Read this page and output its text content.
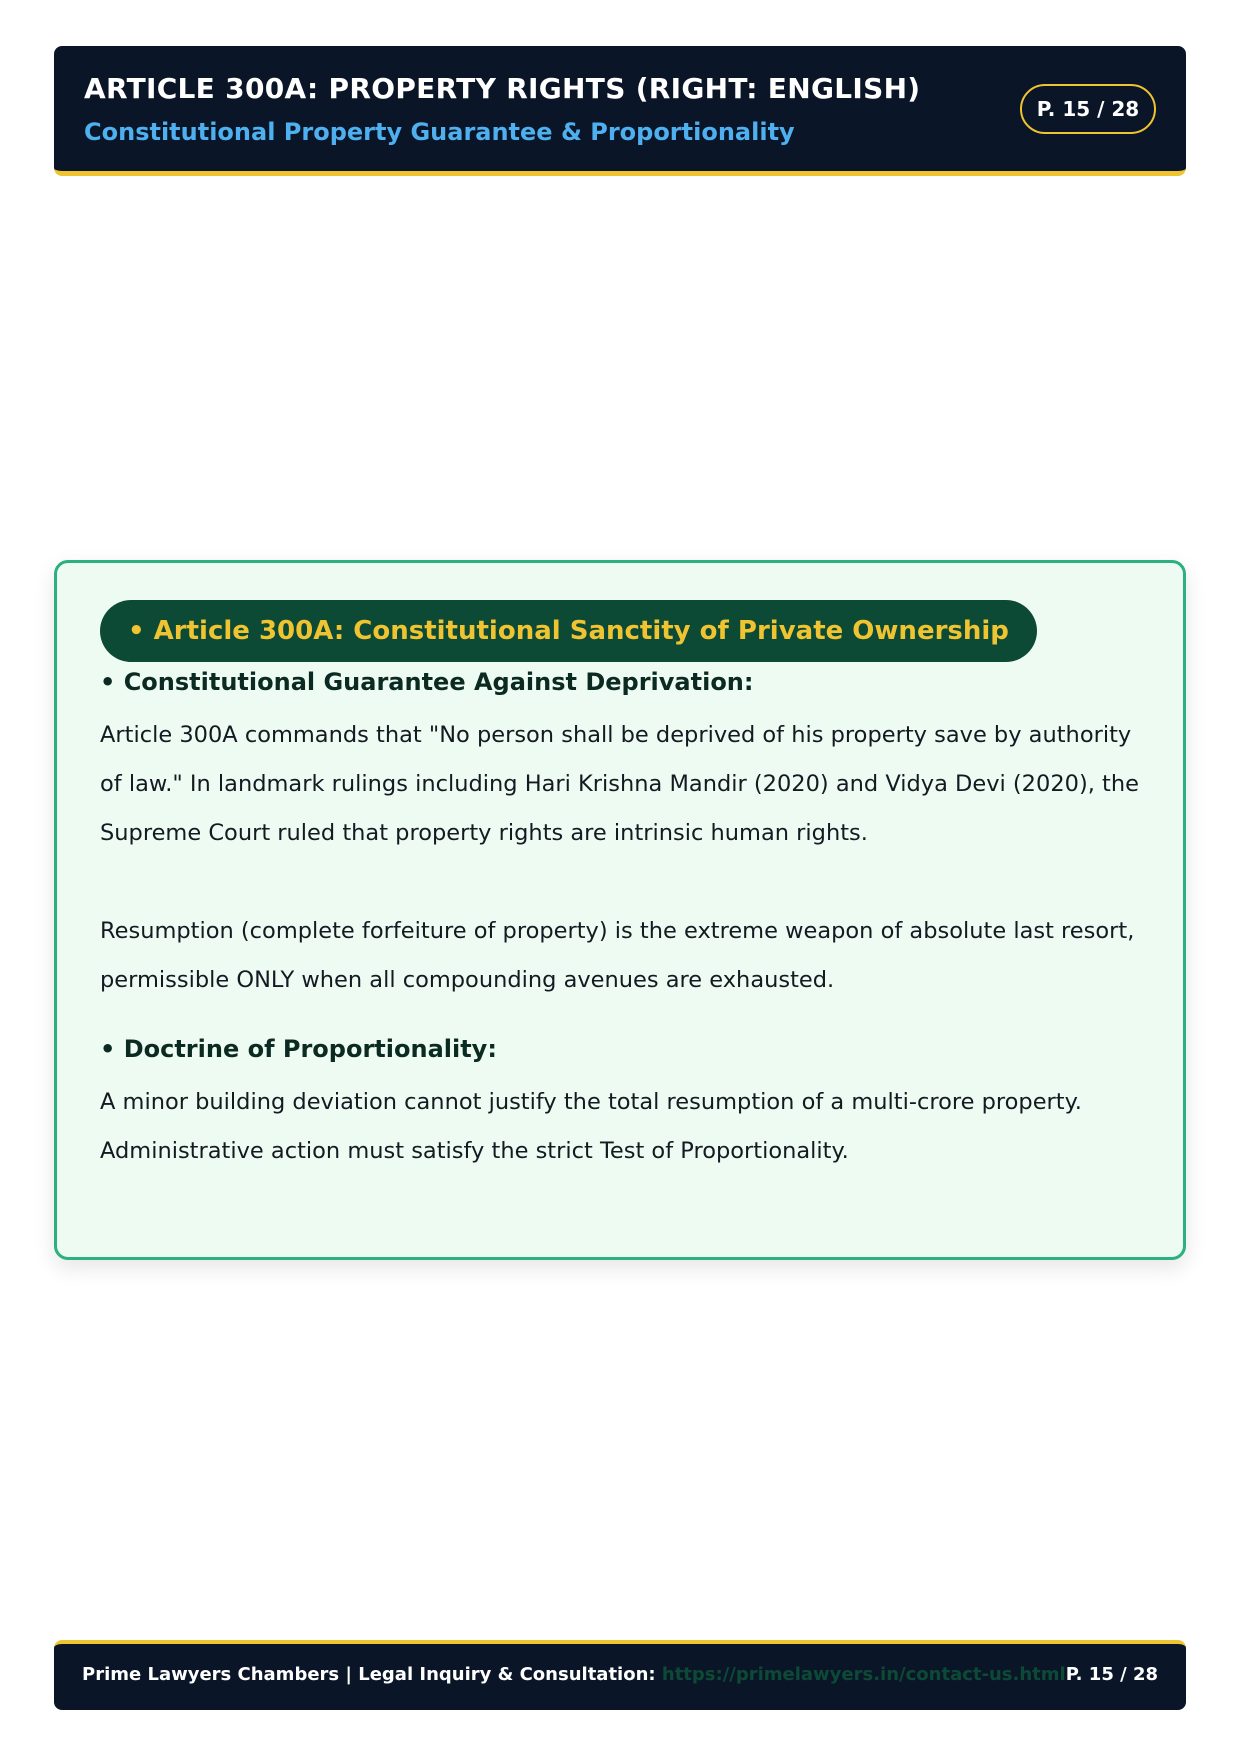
ARTICLE 300A: PROPERTY RIGHTS (RIGHT: ENGLISH)
Constitutional Property Guarantee & Proportionality
P. 15 / 28
• Article 300A: Constitutional Sanctity of Private Ownership
• Constitutional Guarantee Against Deprivation:
Article 300A commands that "No person shall be deprived of his property save by authority of law." In landmark rulings including Hari Krishna Mandir (2020) and Vidya Devi (2020), the Supreme Court ruled that property rights are intrinsic human rights.
Resumption (complete forfeiture of property) is the extreme weapon of absolute last resort, permissible ONLY when all compounding avenues are exhausted.
• Doctrine of Proportionality:
A minor building deviation cannot justify the total resumption of a multi-crore property. Administrative action must satisfy the strict Test of Proportionality.
Prime Lawyers Chambers | Legal Inquiry & Consultation: https://primelawyers.in/contact-us.html P. 15 / 28
